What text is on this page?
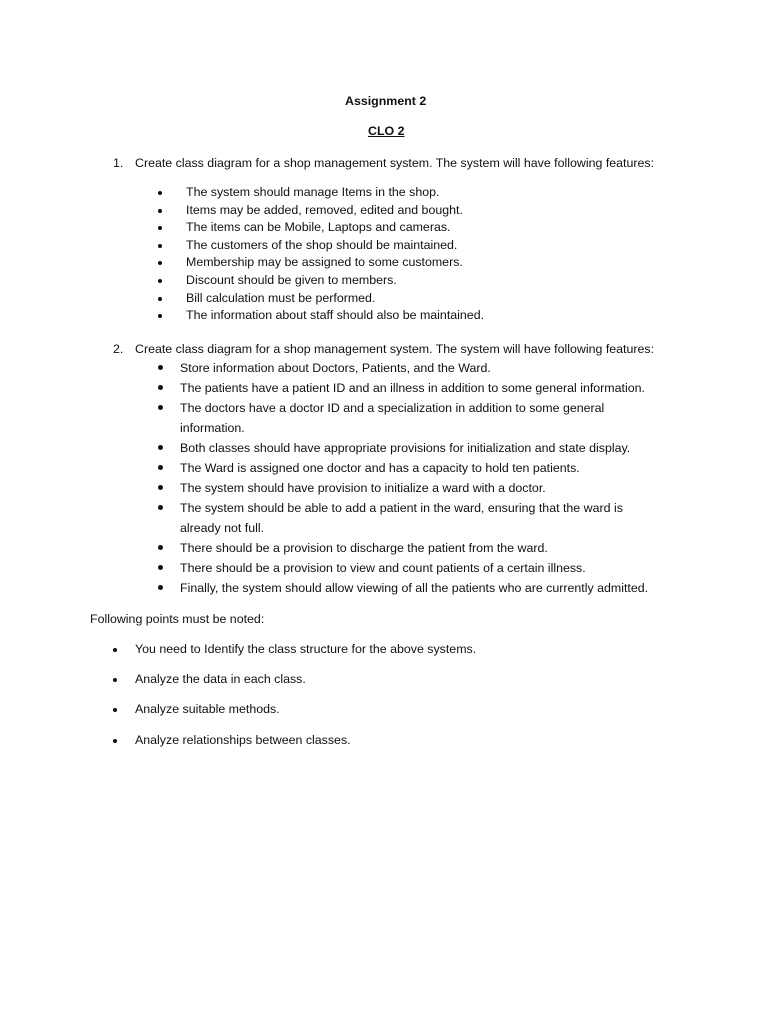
Assignment 2
CLO 2
1. Create class diagram for a shop management system. The system will have following features:
The system should manage Items in the shop.
Items may be added, removed, edited and bought.
The items can be Mobile, Laptops and cameras.
The customers of the shop should be maintained.
Membership may be assigned to some customers.
Discount should be given to members.
Bill calculation must be performed.
The information about staff should also be maintained.
2. Create class diagram for a shop management system. The system will have following features:
Store information about Doctors, Patients, and the Ward.
The patients have a patient ID and an illness in addition to some general information.
The doctors have a doctor ID and a specialization in addition to some general
information.
Both classes should have appropriate provisions for initialization and state display.
The Ward is assigned one doctor and has a capacity to hold ten patients.
The system should have provision to initialize a ward with a doctor.
The system should be able to add a patient in the ward, ensuring that the ward is
already not full.
There should be a provision to discharge the patient from the ward.
There should be a provision to view and count patients of a certain illness.
Finally, the system should allow viewing of all the patients who are currently admitted.
Following points must be noted:
You need to Identify the class structure for the above systems.
Analyze the data in each class.
Analyze suitable methods.
Analyze relationships between classes.
